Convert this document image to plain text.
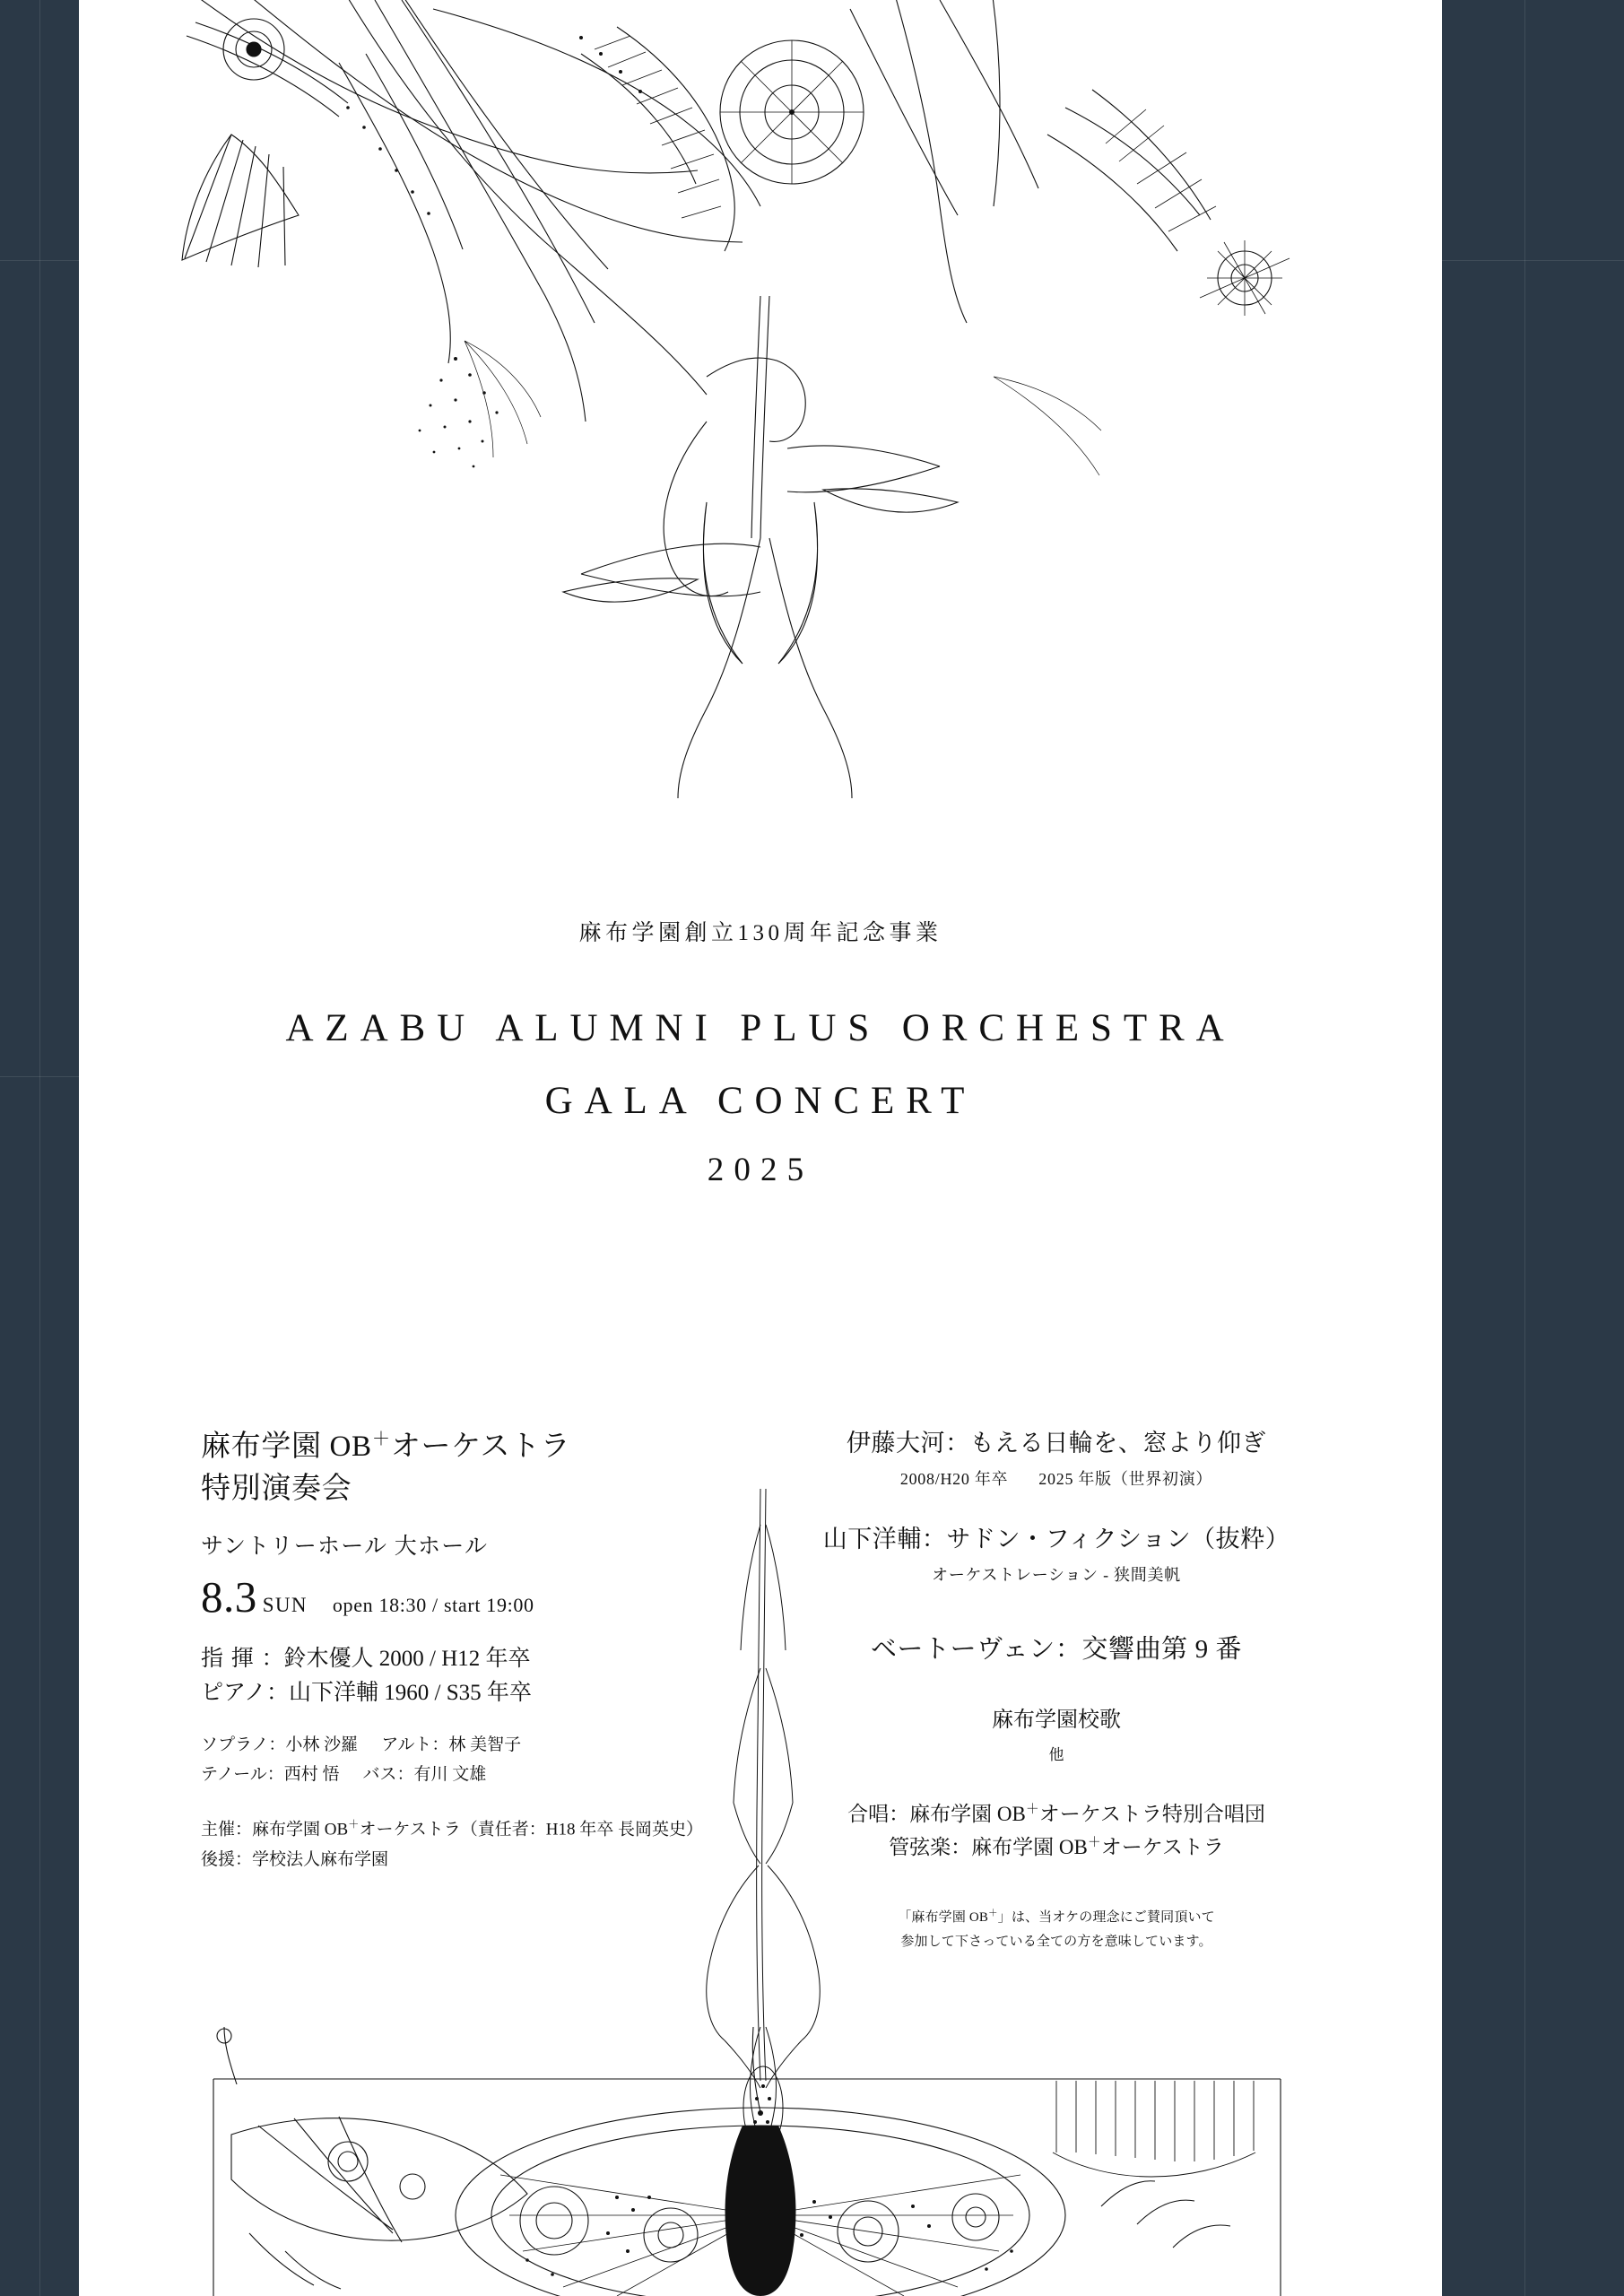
麻布学園創立130周年記念事業
AZABU ALUMNI PLUS ORCHESTRA
GALA CONCERT
2025
麻布学園 OB＋オーケストラ
特別演奏会
サントリーホール 大ホール
8.3 SUN open 18:30 / start 19:00
指揮：鈴木優人 2000 / H12 年卒
ピアノ：山下洋輔 1960 / S35 年卒
ソプラノ：小林 沙羅 アルト：林 美智子
テノール：西村 悟 バス：有川 文雄
主催：麻布学園 OB＋オーケストラ（責任者：H18 年卒 長岡英史）
後援：学校法人麻布学園
伊藤大河：もえる日輪を、窓より仰ぎ
2008/H20 年卒 2025 年版（世界初演）
山下洋輔：サドン・フィクション（抜粋）
オーケストレーション - 狭間美帆
ベートーヴェン：交響曲第 9 番
麻布学園校歌
他
合唱：麻布学園 OB＋オーケストラ特別合唱団
管弦楽：麻布学園 OB＋オーケストラ
「麻布学園 OB＋」は、当オケの理念にご賛同頂いて
参加して下さっている全ての方を意味しています。
